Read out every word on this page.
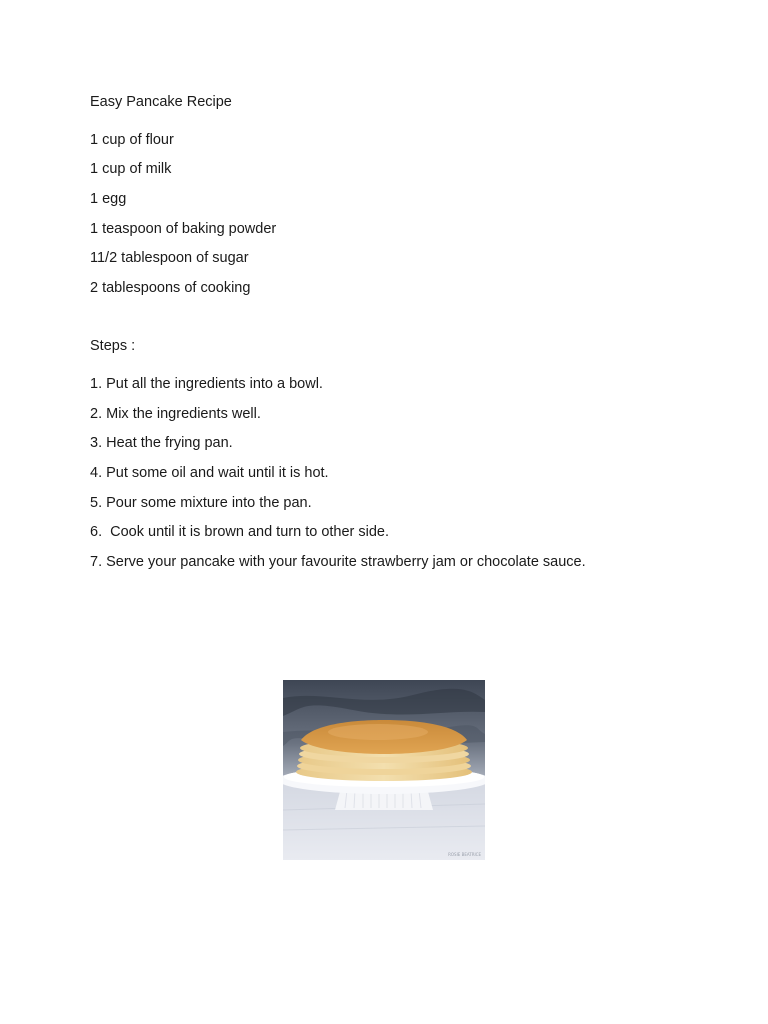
Easy Pancake Recipe
1 cup of flour
1 cup of milk
1 egg
1 teaspoon of baking powder
11/2 tablespoon of sugar
2 tablespoons of cooking
Steps :
1. Put all the ingredients into a bowl.
2. Mix the ingredients well.
3. Heat the frying pan.
4. Put some oil and wait until it is hot.
5. Pour some mixture into the pan.
6.  Cook until it is brown and turn to other side.
7. Serve your pancake with your favourite strawberry jam or chocolate sauce.
ROSIE BEATRICE
